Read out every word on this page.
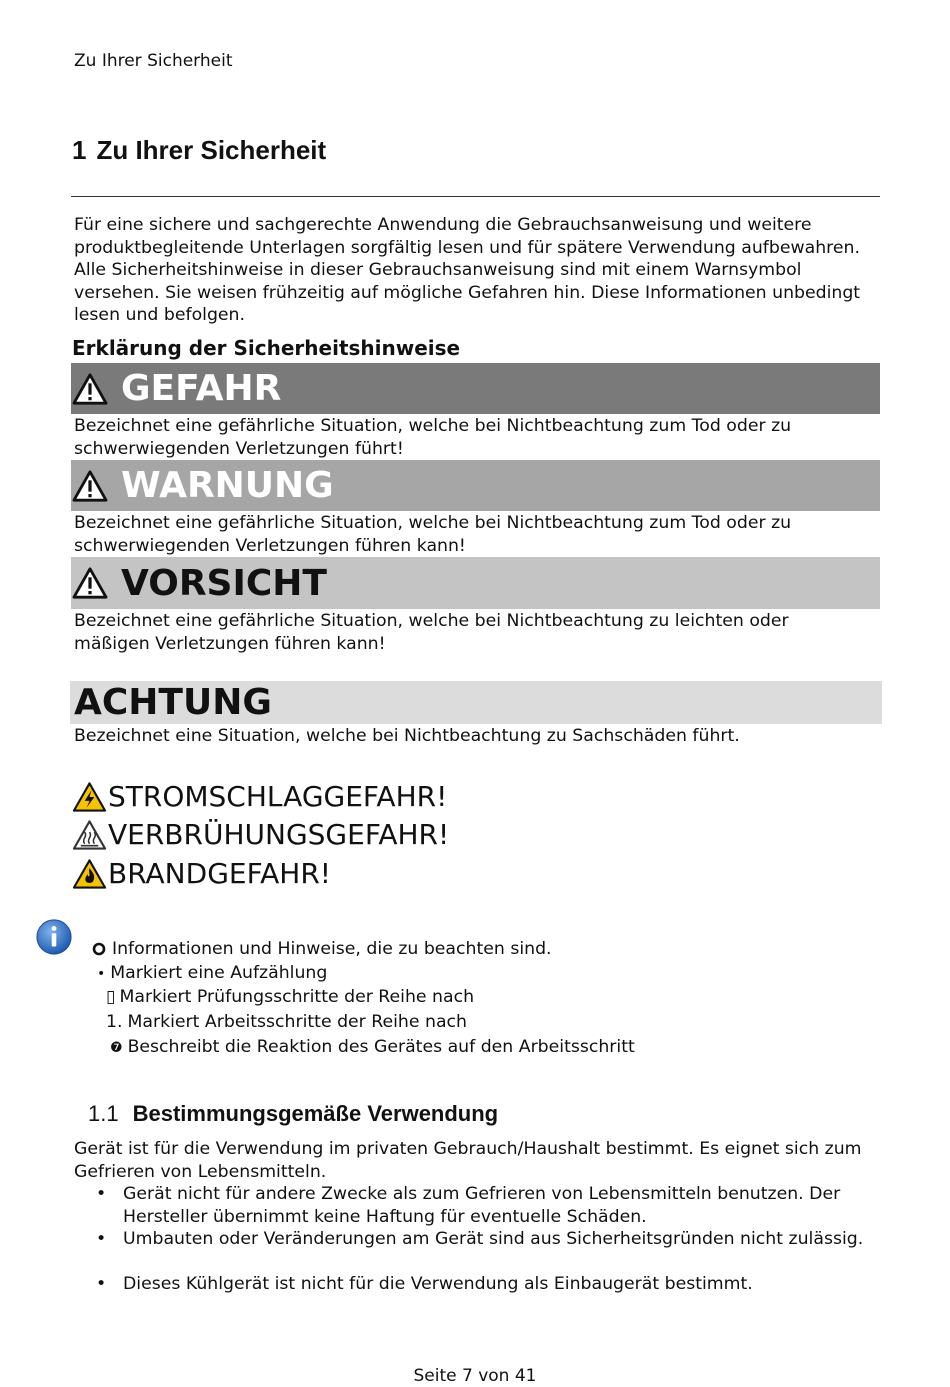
Zu Ihrer Sicherheit
1 Zu Ihrer Sicherheit
Für eine sichere und sachgerechte Anwendung die Gebrauchsanweisung und weitere produktbegleitende Unterlagen sorgfältig lesen und für spätere Verwendung aufbewahren. Alle Sicherheitshinweise in dieser Gebrauchsanweisung sind mit einem Warnsymbol versehen. Sie weisen frühzeitig auf mögliche Gefahren hin. Diese Informationen unbedingt lesen und befolgen.
Erklärung der Sicherheitshinweise
GEFAHR
Bezeichnet eine gefährliche Situation, welche bei Nichtbeachtung zum Tod oder zu schwerwiegenden Verletzungen führt!
WARNUNG
Bezeichnet eine gefährliche Situation, welche bei Nichtbeachtung zum Tod oder zu schwerwiegenden Verletzungen führen kann!
VORSICHT
Bezeichnet eine gefährliche Situation, welche bei Nichtbeachtung zu leichten oder mäßigen Verletzungen führen kann!
ACHTUNG
Bezeichnet eine Situation, welche bei Nichtbeachtung zu Sachschäden führt.
STROMSCHLAGGEFAHR!
VERBRÜHUNGSGEFAHR!
BRANDGEFAHR!
Informationen und Hinweise, die zu beachten sind.
• Markiert eine Aufzählung
▯ Markiert Prüfungsschritte der Reihe nach
1. Markiert Arbeitsschritte der Reihe nach
❼ Beschreibt die Reaktion des Gerätes auf den Arbeitsschritt
1.1 Bestimmungsgemäße Verwendung
Gerät ist für die Verwendung im privaten Gebrauch/Haushalt bestimmt. Es eignet sich zum Gefrieren von Lebensmitteln.
• Gerät nicht für andere Zwecke als zum Gefrieren von Lebensmitteln benutzen. Der Hersteller übernimmt keine Haftung für eventuelle Schäden.
• Umbauten oder Veränderungen am Gerät sind aus Sicherheitsgründen nicht zulässig.
• Dieses Kühlgerät ist nicht für die Verwendung als Einbaugerät bestimmt.
Seite 7 von 41
